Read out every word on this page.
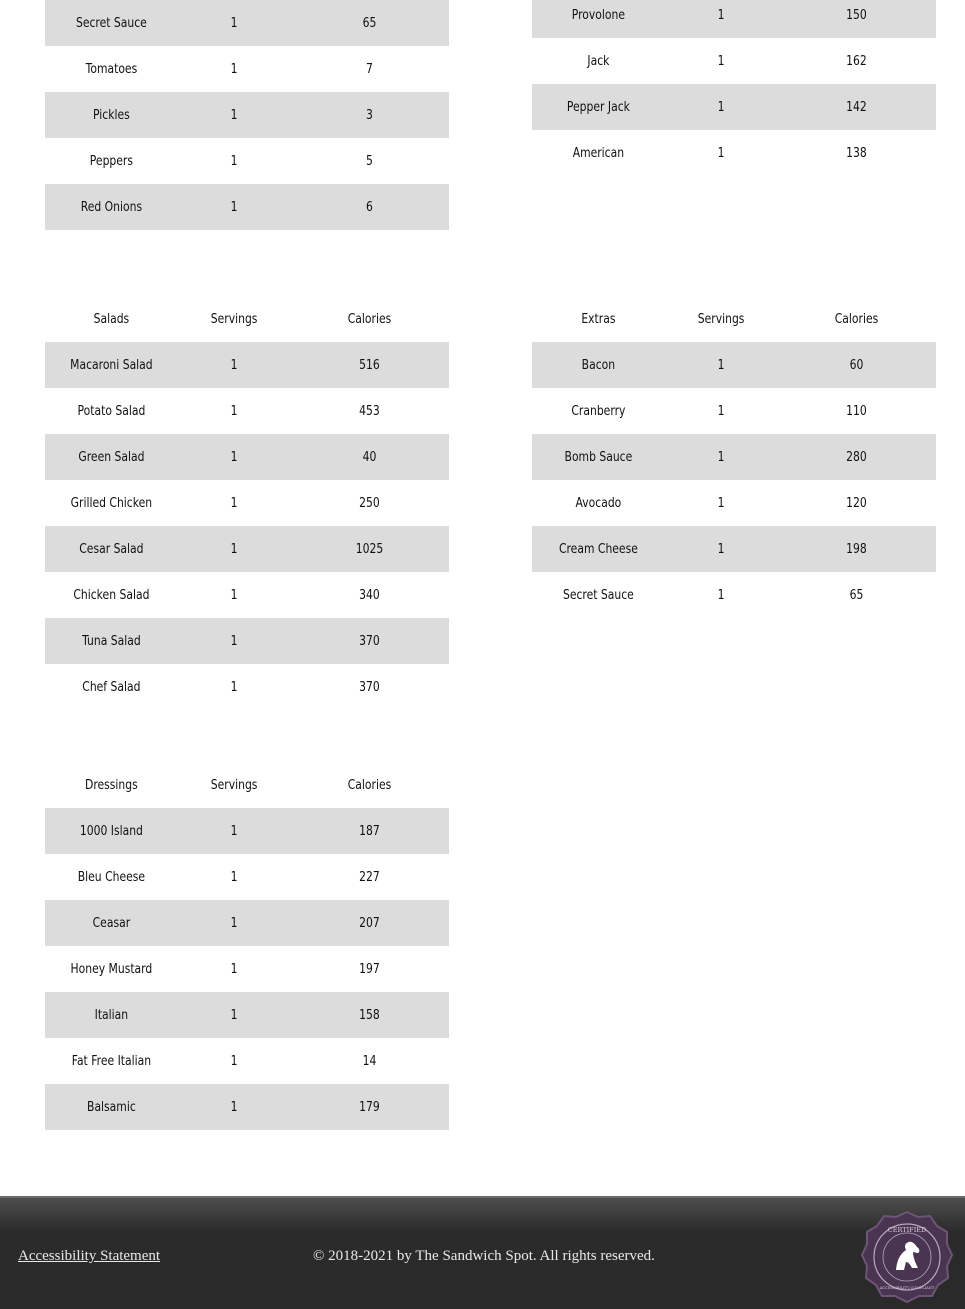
Secret Sauce	1	65
Tomatoes	1	7
Pickles	1	3
Peppers	1	5
Red Onions	1	6
Provolone	1	150
Jack	1	162
Pepper Jack	1	142
American	1	138
Salads	Servings	Calories
Macaroni Salad	1	516
Potato Salad	1	453
Green Salad	1	40
Grilled Chicken	1	250
Cesar Salad	1	1025
Chicken Salad	1	340
Tuna Salad	1	370
Chef Salad	1	370
Extras	Servings	Calories
Bacon	1	60
Cranberry	1	110
Bomb Sauce	1	280
Avocado	1	120
Cream Cheese	1	198
Secret Sauce	1	65
Dressings	Servings	Calories
1000 Island	1	187
Bleu Cheese	1	227
Ceasar	1	207
Honey Mustard	1	197
Italian	1	158
Fat Free Italian	1	14
Balsamic	1	179
Accessibility Statement	© 2018-2021 by The Sandwich Spot. All rights reserved.
CERTIFIED
ACCESSIBILITY COMPLIANT
